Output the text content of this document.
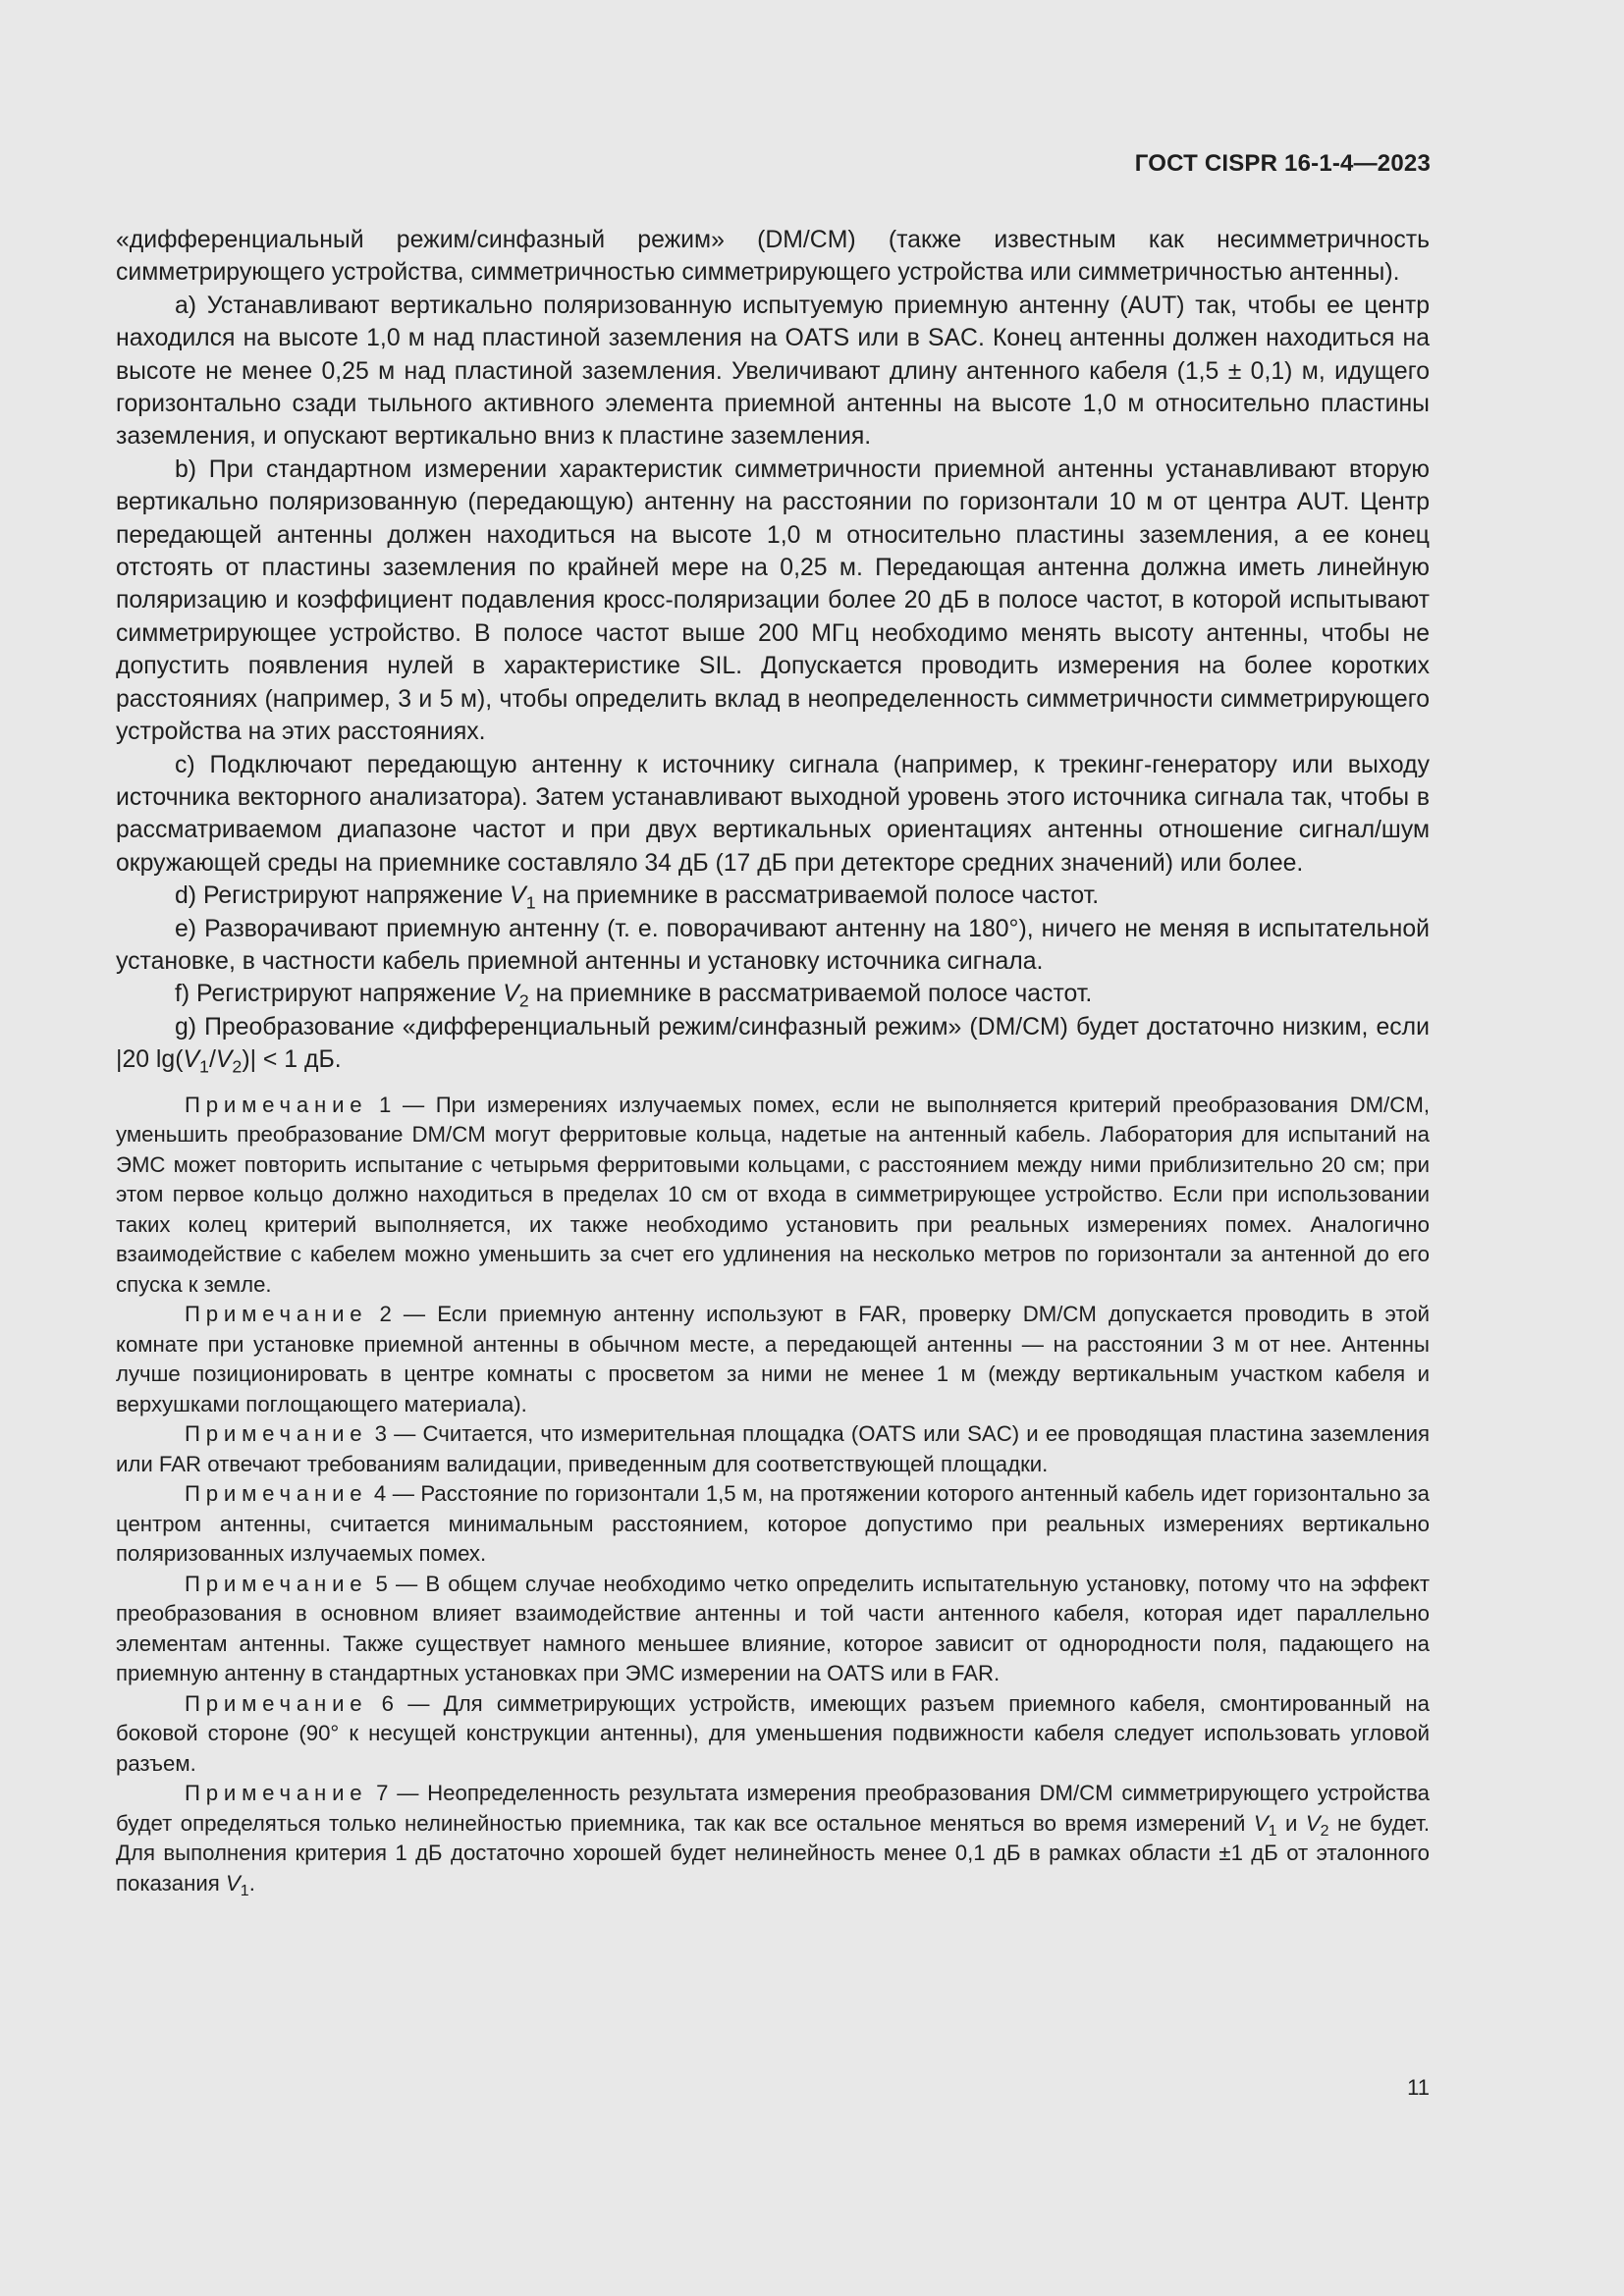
ГОСТ CISPR 16-1-4—2023

«дифференциальный режим/синфазный режим» (DM/CM) (также известным как несимметричность симметрирующего устройства, симметричностью симметрирующего устройства или симметричностью антенны).

a) Устанавливают вертикально поляризованную испытуемую приемную антенну (AUT) так, чтобы ее центр находился на высоте 1,0 м над пластиной заземления на OATS или в SAC. Конец антенны должен находиться на высоте не менее 0,25 м над пластиной заземления. Увеличивают длину антенного кабеля (1,5 ± 0,1) м, идущего горизонтально сзади тыльного активного элемента приемной антенны на высоте 1,0 м относительно пластины заземления, и опускают вертикально вниз к пластине заземления.

b) При стандартном измерении характеристик симметричности приемной антенны устанавливают вторую вертикально поляризованную (передающую) антенну на расстоянии по горизонтали 10 м от центра AUT. Центр передающей антенны должен находиться на высоте 1,0 м относительно пластины заземления, а ее конец отстоять от пластины заземления по крайней мере на 0,25 м. Передающая антенна должна иметь линейную поляризацию и коэффициент подавления кросс-поляризации более 20 дБ в полосе частот, в которой испытывают симметрирующее устройство. В полосе частот выше 200 МГц необходимо менять высоту антенны, чтобы не допустить появления нулей в характеристике SIL. Допускается проводить измерения на более коротких расстояниях (например, 3 и 5 м), чтобы определить вклад в неопределенность симметричности симметрирующего устройства на этих расстояниях.

c) Подключают передающую антенну к источнику сигнала (например, к трекинг-генератору или выходу источника векторного анализатора). Затем устанавливают выходной уровень этого источника сигнала так, чтобы в рассматриваемом диапазоне частот и при двух вертикальных ориентациях антенны отношение сигнал/шум окружающей среды на приемнике составляло 34 дБ (17 дБ при детекторе средних значений) или более.

d) Регистрируют напряжение $V_1$ на приемнике в рассматриваемой полосе частот.

e) Разворачивают приемную антенну (т. е. поворачивают антенну на 180°), ничего не меняя в испытательной установке, в частности кабель приемной антенны и установку источника сигнала.

f) Регистрируют напряжение $V_2$ на приемнике в рассматриваемой полосе частот.

g) Преобразование «дифференциальный режим/синфазный режим» (DM/CM) будет достаточно низким, если |20 $\lg(V_1/V_2)| < 1$ дБ.

Примечание 1 — При измерениях излучаемых помех, если не выполняется критерий преобразования DM/CM, уменьшить преобразование DM/CM могут ферритовые кольца, надетые на антенный кабель. Лаборатория для испытаний на ЭМС может повторить испытание с четырьмя ферритовыми кольцами, с расстоянием между ними приблизительно 20 см; при этом первое кольцо должно находиться в пределах 10 см от входа в симметрирующее устройство. Если при использовании таких колец критерий выполняется, их также необходимо установить при реальных измерениях помех. Аналогично взаимодействие с кабелем можно уменьшить за счет его удлинения на несколько метров по горизонтали за антенной до его спуска к земле.

Примечание 2 — Если приемную антенну используют в FAR, проверку DM/CM допускается проводить в этой комнате при установке приемной антенны в обычном месте, а передающей антенны — на расстоянии 3 м от нее. Антенны лучше позиционировать в центре комнаты с просветом за ними не менее 1 м (между вертикальным участком кабеля и верхушками поглощающего материала).

Примечание 3 — Считается, что измерительная площадка (OATS или SAC) и ее проводящая пластина заземления или FAR отвечают требованиям валидации, приведенным для соответствующей площадки.

Примечание 4 — Расстояние по горизонтали 1,5 м, на протяжении которого антенный кабель идет горизонтально за центром антенны, считается минимальным расстоянием, которое допустимо при реальных измерениях вертикально поляризованных излучаемых помех.

Примечание 5 — В общем случае необходимо четко определить испытательную установку, потому что на эффект преобразования в основном влияет взаимодействие антенны и той части антенного кабеля, которая идет параллельно элементам антенны. Также существует намного меньшее влияние, которое зависит от однородности поля, падающего на приемную антенну в стандартных установках при ЭМС измерении на OATS или в FAR.

Примечание 6 — Для симметрирующих устройств, имеющих разъем приемного кабеля, смонтированный на боковой стороне (90° к несущей конструкции антенны), для уменьшения подвижности кабеля следует использовать угловой разъем.

Примечание 7 — Неопределенность результата измерения преобразования DM/CM симметрирующего устройства будет определяться только нелинейностью приемника, так как все остальное меняться во время измерений $V_1$ и $V_2$ не будет. Для выполнения критерия 1 дБ достаточно хорошей будет нелинейность менее 0,1 дБ в рамках области ±1 дБ от эталонного показания $V_1$.

11
